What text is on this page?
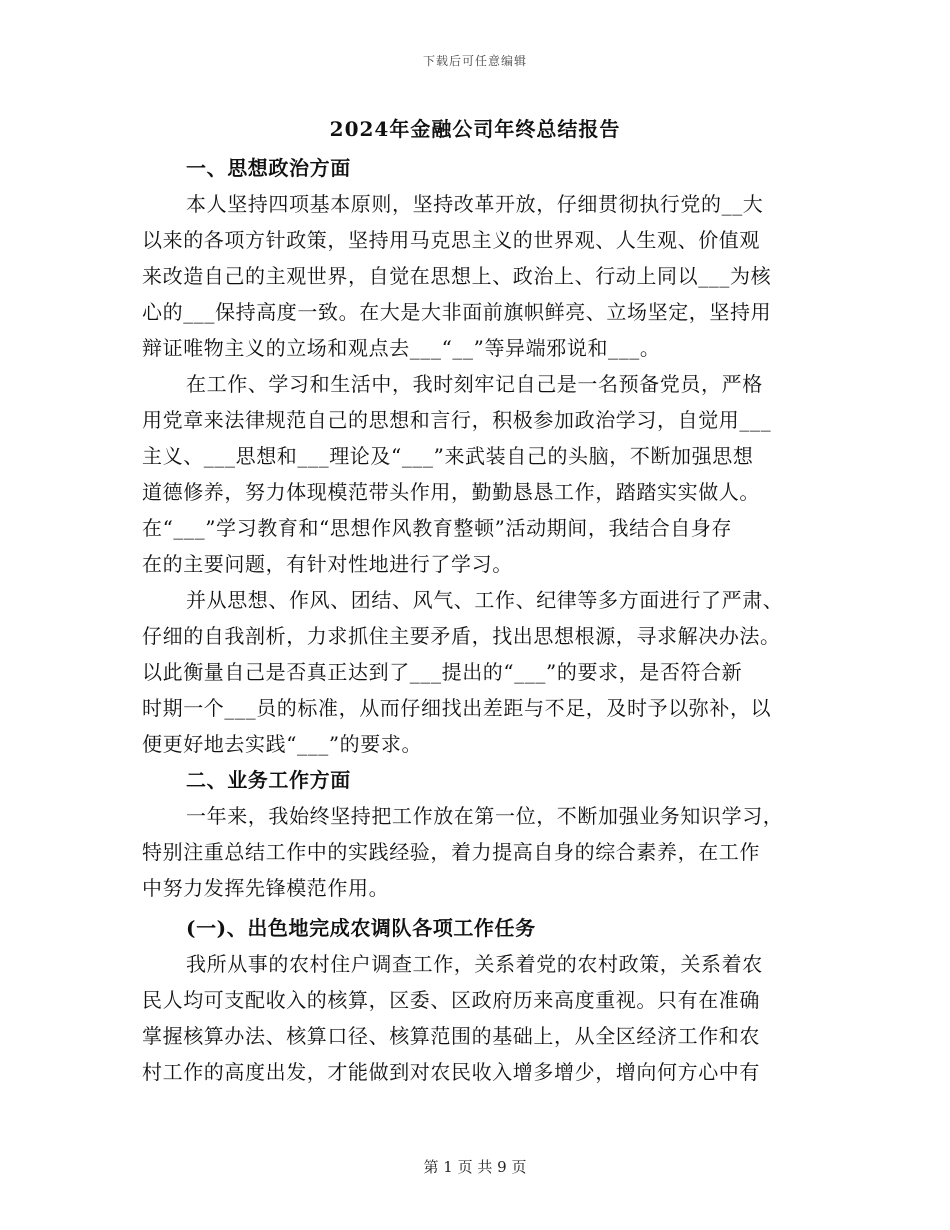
下载后可任意编辑
2024年金融公司年终总结报告
一、思想政治方面
本人坚持四项基本原则，坚持改革开放，仔细贯彻执行党的__大
以来的各项方针政策，坚持用马克思主义的世界观、人生观、价值观
来改造自己的主观世界，自觉在思想上、政治上、行动上同以___为核
心的___保持高度一致。在大是大非面前旗帜鲜亮、立场坚定，坚持用
辩证唯物主义的立场和观点去___“__”等异端邪说和___。
在工作、学习和生活中，我时刻牢记自己是一名预备党员，严格
用党章来法律规范自己的思想和言行，积极参加政治学习，自觉用___
主义、___思想和___理论及“___”来武装自己的头脑，不断加强思想
道德修养，努力体现模范带头作用，勤勤恳恳工作，踏踏实实做人。
在“___”学习教育和“思想作风教育整顿”活动期间，我结合自身存
在的主要问题，有针对性地进行了学习。
并从思想、作风、团结、风气、工作、纪律等多方面进行了严肃、
仔细的自我剖析，力求抓住主要矛盾，找出思想根源，寻求解决办法。
以此衡量自己是否真正达到了___提出的“___”的要求，是否符合新
时期一个___员的标准，从而仔细找出差距与不足，及时予以弥补，以
便更好地去实践“___”的要求。
二、业务工作方面
一年来，我始终坚持把工作放在第一位，不断加强业务知识学习，
特别注重总结工作中的实践经验，着力提高自身的综合素养，在工作
中努力发挥先锋模范作用。
(一)、出色地完成农调队各项工作任务
我所从事的农村住户调查工作，关系着党的农村政策，关系着农
民人均可支配收入的核算，区委、区政府历来高度重视。只有在准确
掌握核算办法、核算口径、核算范围的基础上，从全区经济工作和农
村工作的高度出发，才能做到对农民收入增多增少，增向何方心中有
第 1 页 共 9 页
